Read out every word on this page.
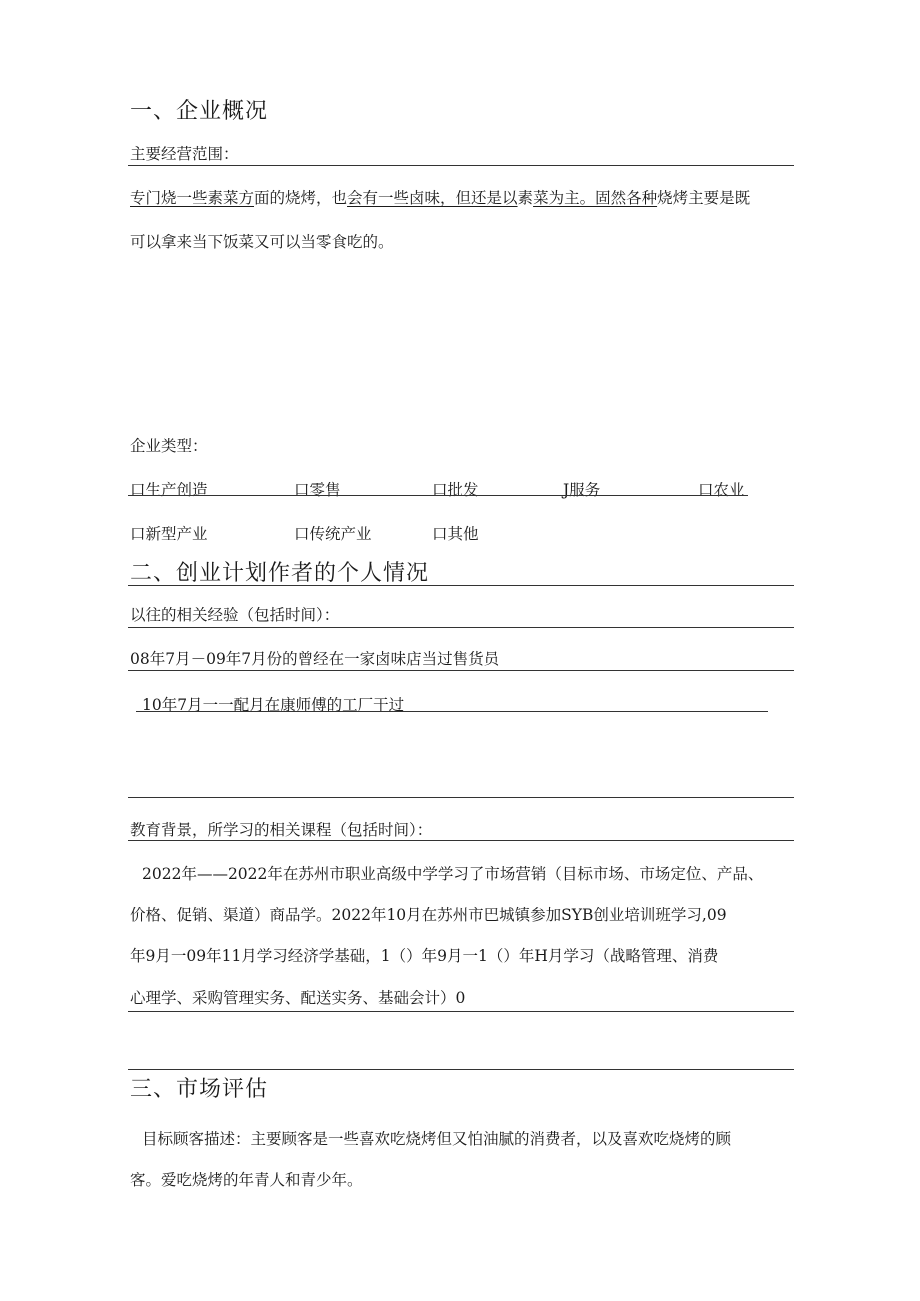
一、企业概况
主要经营范围：
专门烧一些素菜方面的烧烤，也会有一些卤味，但还是以素菜为主。固然各种烧烤主要是既
可以拿来当下饭菜又可以当零食吃的。
企业类型：
口生产创造	口零售	口批发	J服务	口农业
口新型产业	口传统产业	口其他
二、创业计划作者的个人情况
以往的相关经验（包括时间）：
08年7月－09年7月份的曾经在一家卤味店当过售货员
10年7月一一配月在康师傅的工厂干过
教育背景，所学习的相关课程（包括时间）：
2022年——2022年在苏州市职业高级中学学习了市场营销（目标市场、市场定位、产品、
价格、促销、渠道）商品学。2022年10月在苏州市巴城镇参加SYB创业培训班学习,09
年9月一09年11月学习经济学基础，1（）年9月一1（）年H月学习（战略管理、消费
心理学、采购管理实务、配送实务、基础会计）0
三、市场评估
目标顾客描述：主要顾客是一些喜欢吃烧烤但又怕油腻的消费者，以及喜欢吃烧烤的顾
客。爱吃烧烤的年青人和青少年。
